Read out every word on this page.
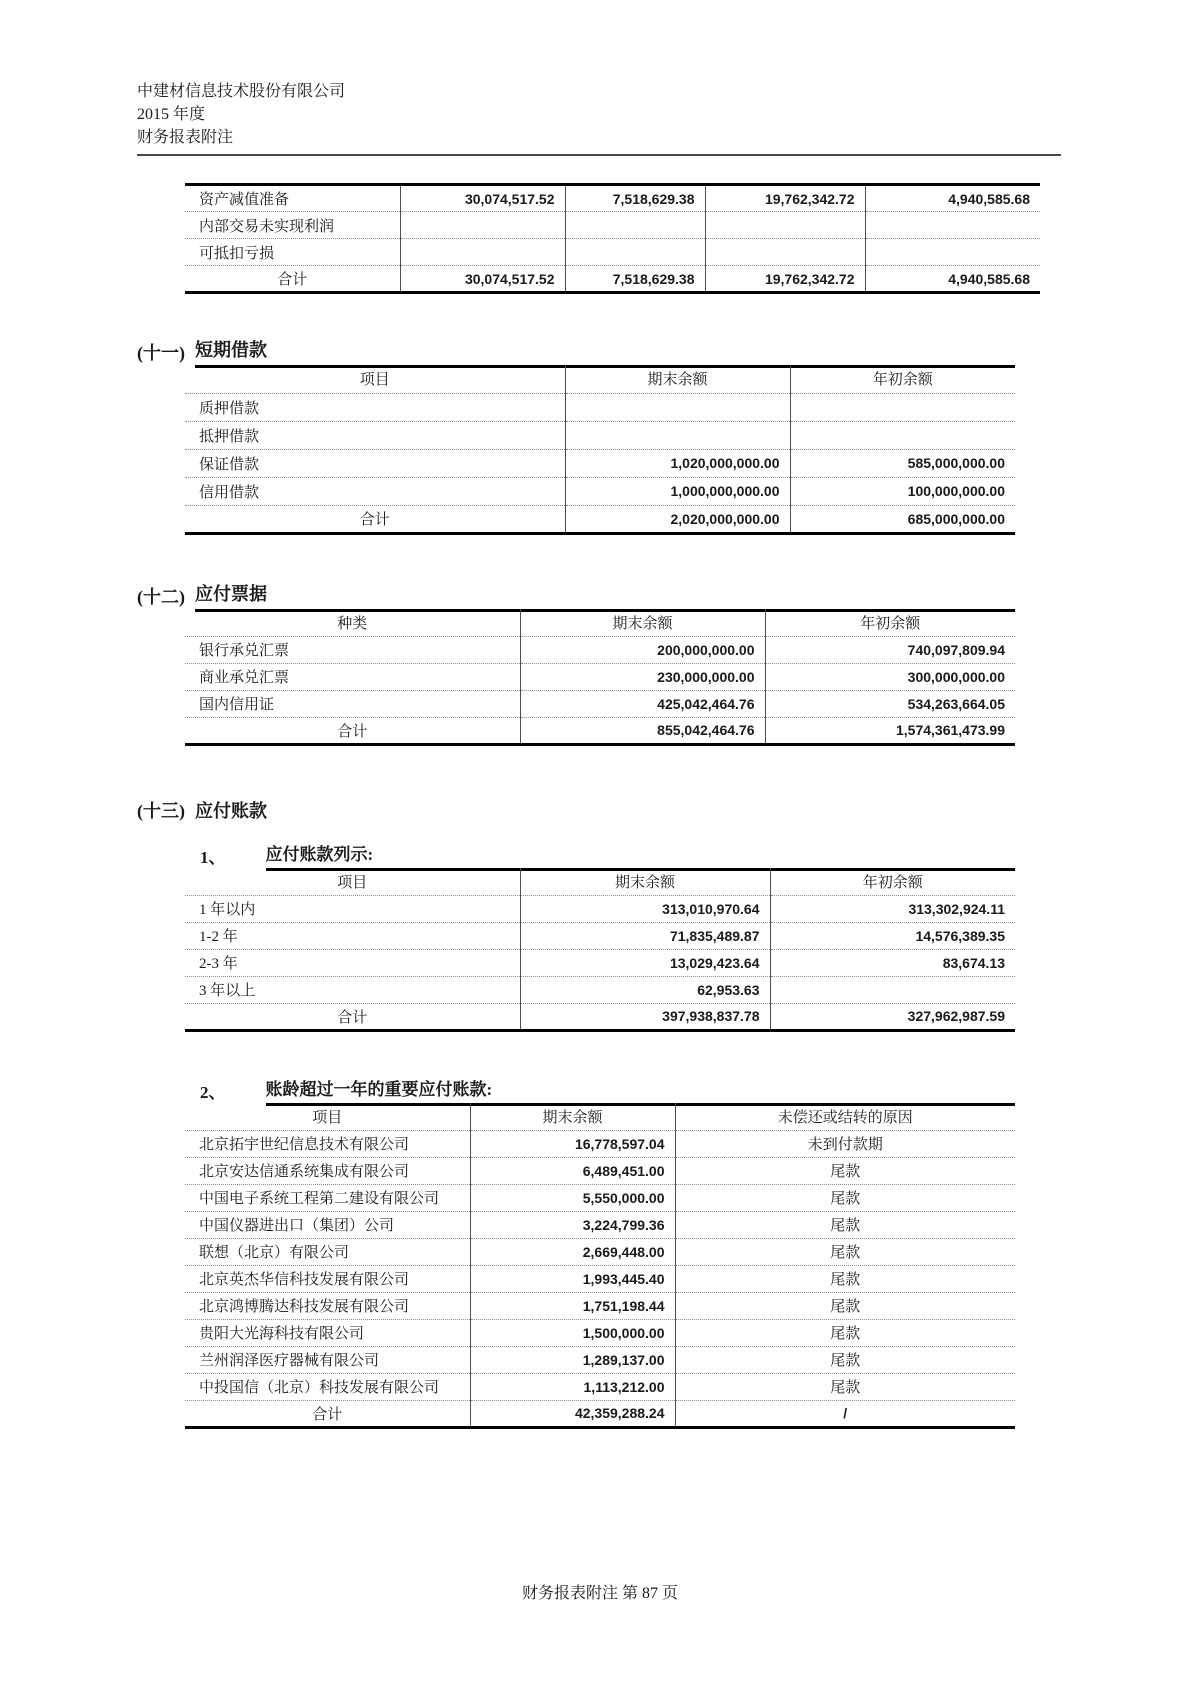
中建材信息技术股份有限公司
2015 年度
财务报表附注
资产减值准备	30,074,517.52	7,518,629.38	19,762,342.72	4,940,585.68
内部交易未实现利润				
可抵扣亏损				
合计	30,074,517.52	7,518,629.38	19,762,342.72	4,940,585.68
(十一) 短期借款
项目	期末余额	年初余额
质押借款		
抵押借款		
保证借款	1,020,000,000.00	585,000,000.00
信用借款	1,000,000,000.00	100,000,000.00
合计	2,020,000,000.00	685,000,000.00
(十二) 应付票据
种类	期末余额	年初余额
银行承兑汇票	200,000,000.00	740,097,809.94
商业承兑汇票	230,000,000.00	300,000,000.00
国内信用证	425,042,464.76	534,263,664.05
合计	855,042,464.76	1,574,361,473.99
(十三) 应付账款
1、	应付账款列示:
项目	期末余额	年初余额
1 年以内	313,010,970.64	313,302,924.11
1-2 年	71,835,489.87	14,576,389.35
2-3 年	13,029,423.64	83,674.13
3 年以上	62,953.63	
合计	397,938,837.78	327,962,987.59
2、	账龄超过一年的重要应付账款:
项目	期末余额	未偿还或结转的原因
北京拓宇世纪信息技术有限公司	16,778,597.04	未到付款期
北京安达信通系统集成有限公司	6,489,451.00	尾款
中国电子系统工程第二建设有限公司	5,550,000.00	尾款
中国仪器进出口（集团）公司	3,224,799.36	尾款
联想（北京）有限公司	2,669,448.00	尾款
北京英杰华信科技发展有限公司	1,993,445.40	尾款
北京鸿博腾达科技发展有限公司	1,751,198.44	尾款
贵阳大光海科技有限公司	1,500,000.00	尾款
兰州润泽医疗器械有限公司	1,289,137.00	尾款
中投国信（北京）科技发展有限公司	1,113,212.00	尾款
合计	42,359,288.24	/
财务报表附注 第 87 页
